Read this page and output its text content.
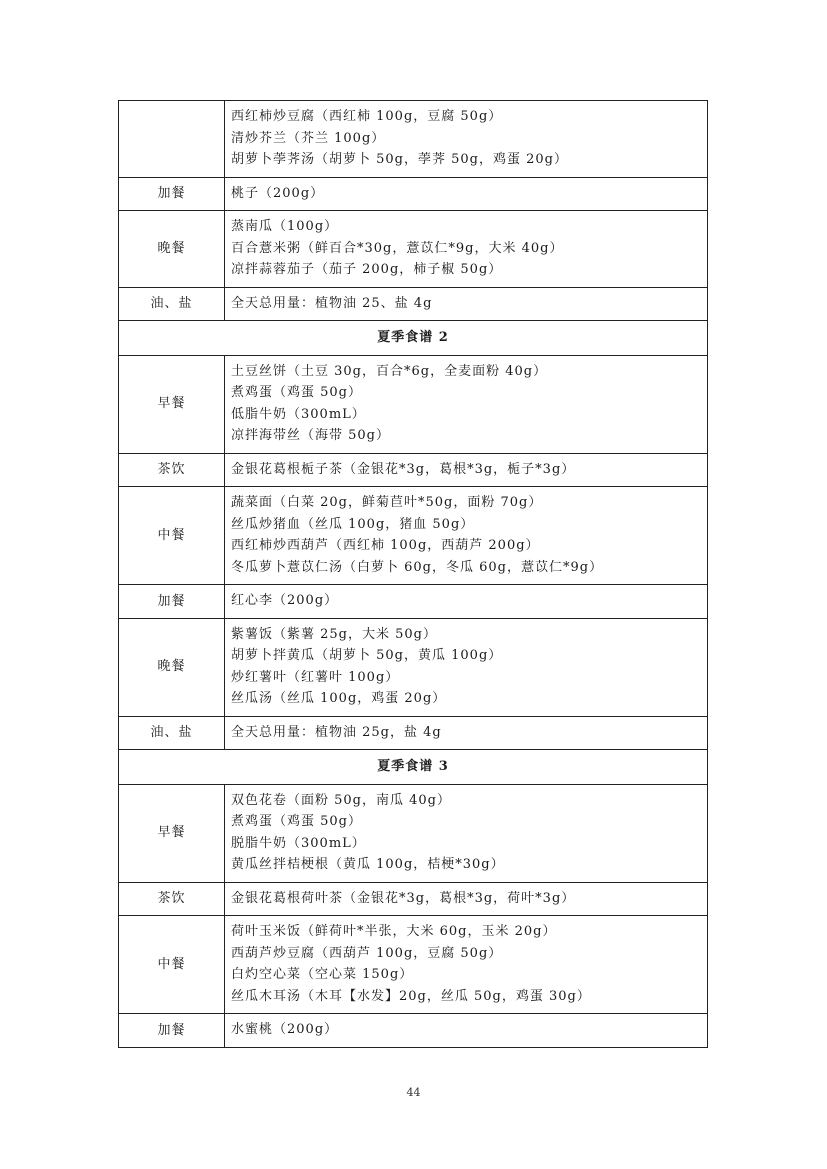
	西红柿炒豆腐（西红柿 100g，豆腐 50g）
清炒芥兰（芥兰 100g）
胡萝卜荸荠汤（胡萝卜 50g，荸荠 50g，鸡蛋 20g）

加餐	桃子（200g）

晚餐	蒸南瓜（100g）
百合薏米粥（鲜百合*30g，薏苡仁*9g，大米 40g）
凉拌蒜蓉茄子（茄子 200g，柿子椒 50g）

油、盐	全天总用量：植物油 25、盐 4g

夏季食谱 2	
早餐	土豆丝饼（土豆 30g，百合*6g，全麦面粉 40g）
煮鸡蛋（鸡蛋 50g）
低脂牛奶（300mL）
凉拌海带丝（海带 50g）

茶饮	金银花葛根栀子茶（金银花*3g，葛根*3g，栀子*3g）

中餐	蔬菜面（白菜 20g，鲜菊苣叶*50g，面粉 70g）
丝瓜炒猪血（丝瓜 100g，猪血 50g）
西红柿炒西葫芦（西红柿 100g，西葫芦 200g）
冬瓜萝卜薏苡仁汤（白萝卜 60g，冬瓜 60g，薏苡仁*9g）

加餐	红心李（200g）

晚餐	紫薯饭（紫薯 25g，大米 50g）
胡萝卜拌黄瓜（胡萝卜 50g，黄瓜 100g）
炒红薯叶（红薯叶 100g）
丝瓜汤（丝瓜 100g，鸡蛋 20g）

油、盐	全天总用量：植物油 25g，盐 4g

夏季食谱 3	
早餐	双色花卷（面粉 50g，南瓜 40g）
煮鸡蛋（鸡蛋 50g）
脱脂牛奶（300mL）
黄瓜丝拌桔梗根（黄瓜 100g，桔梗*30g）

茶饮	金银花葛根荷叶茶（金银花*3g，葛根*3g，荷叶*3g）

中餐	荷叶玉米饭（鲜荷叶*半张，大米 60g，玉米 20g）
西葫芦炒豆腐（西葫芦 100g，豆腐 50g）
白灼空心菜（空心菜 150g）
丝瓜木耳汤（木耳【水发】20g，丝瓜 50g，鸡蛋 30g）

加餐	水蜜桃（200g）
44
